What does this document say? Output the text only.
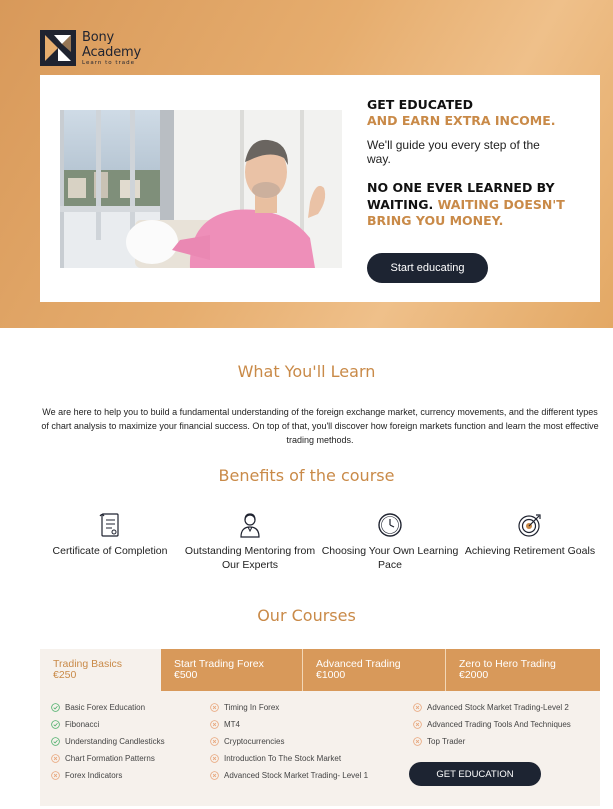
Bony
Academy
Learn to trade
GET EDUCATED
AND EARN EXTRA INCOME.
We'll guide you every step of the way.
NO ONE EVER LEARNED BY WAITING. WAITING DOESN'T BRING YOU MONEY.
Start educating
What You'll Learn
We are here to help you to build a fundamental understanding of the foreign exchange market, currency movements, and the different types of chart analysis to maximize your financial success. On top of that, you'll discover how foreign markets function and learn the most effective trading methods.
Benefits of the course
Certificate of Completion	Outstanding Mentoring from Our Experts
Choosing Your Own Learning Pace
Achieving Retirement Goals
Our Courses
Trading Basics
€250
Start Trading Forex
€500
Advanced Trading
€1000
Zero to Hero Trading
€2000
Basic Forex Education
Fibonacci
Understanding Candlesticks
Chart Formation Patterns
Forex Indicators
Timing In Forex
MT4
Cryptocurrencies
Introduction To The Stock Market
Advanced Stock Market Trading- Level 1
Advanced Stock Market Trading-Level 2
Advanced Trading Tools And Techniques
Top Trader
GET EDUCATION
